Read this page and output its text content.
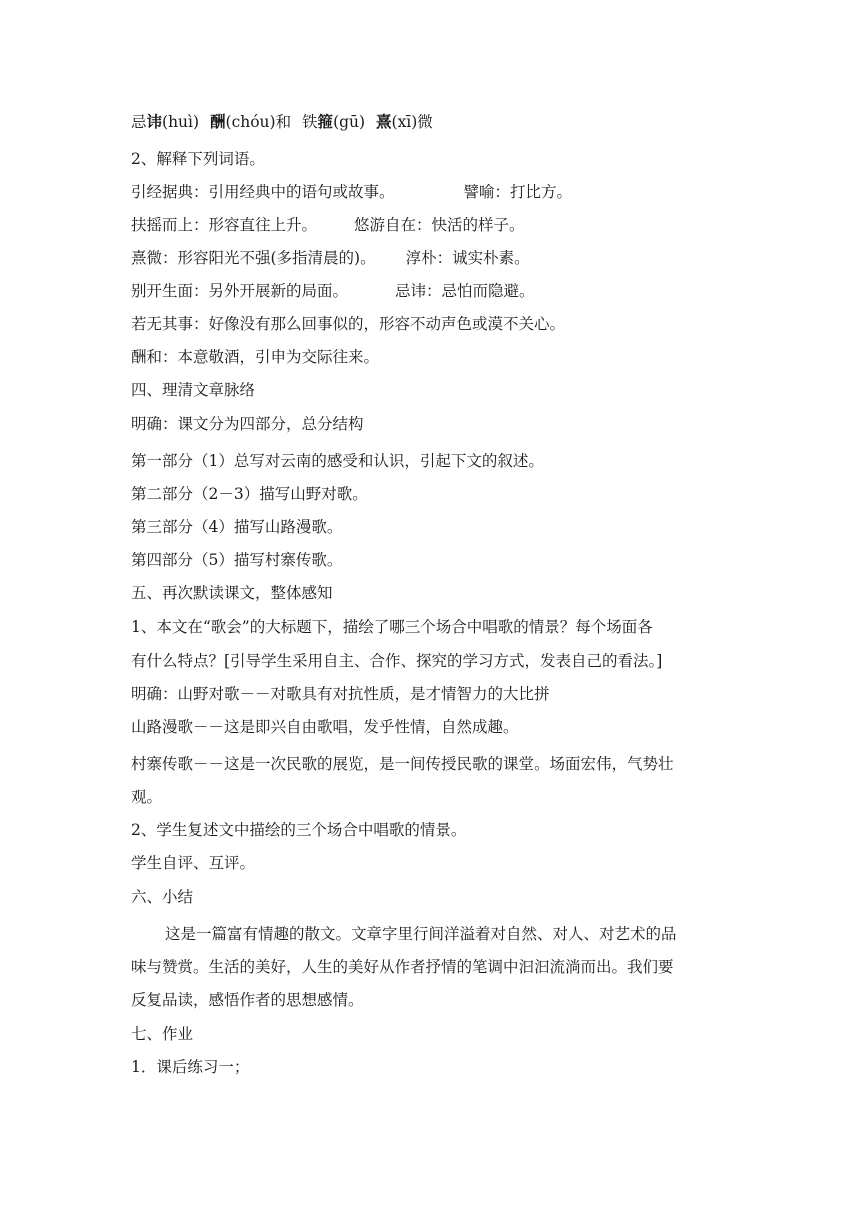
忌讳(huì) 酬(chóu)和 铁箍(gū) 熹(xī)微
2、解释下列词语。
引经据典：引用经典中的语句或故事。	譬喻：打比方。
扶摇而上：形容直往上升。 悠游自在：快活的样子。
熹微：形容阳光不强(多指清晨的)。 淳朴：诚实朴素。
别开生面：另外开展新的局面。	忌讳：忌怕而隐避。
若无其事：好像没有那么回事似的，形容不动声色或漠不关心。
酬和：本意敬酒，引申为交际往来。
四、理清文章脉络
明确：课文分为四部分，总分结构
第一部分（1）总写对云南的感受和认识，引起下文的叙述。
第二部分（2－3）描写山野对歌。
第三部分（4）描写山路漫歌。
第四部分（5）描写村寨传歌。
五、再次默读课文，整体感知
1、本文在“歌会”的大标题下，描绘了哪三个场合中唱歌的情景？每个场面各
有什么特点？[引导学生采用自主、合作、探究的学习方式，发表自己的看法。]
明确：山野对歌－－对歌具有对抗性质，是才情智力的大比拼
山路漫歌－－这是即兴自由歌唱，发乎性情，自然成趣。
村寨传歌－－这是一次民歌的展览，是一间传授民歌的课堂。场面宏伟，气势壮
观。
2、学生复述文中描绘的三个场合中唱歌的情景。
学生自评、互评。
六、小结
这是一篇富有情趣的散文。文章字里行间洋溢着对自然、对人、对艺术的品
味与赞赏。生活的美好，人生的美好从作者抒情的笔调中汩汩流淌而出。我们要
反复品读，感悟作者的思想感情。
七、作业
1．课后练习一；
